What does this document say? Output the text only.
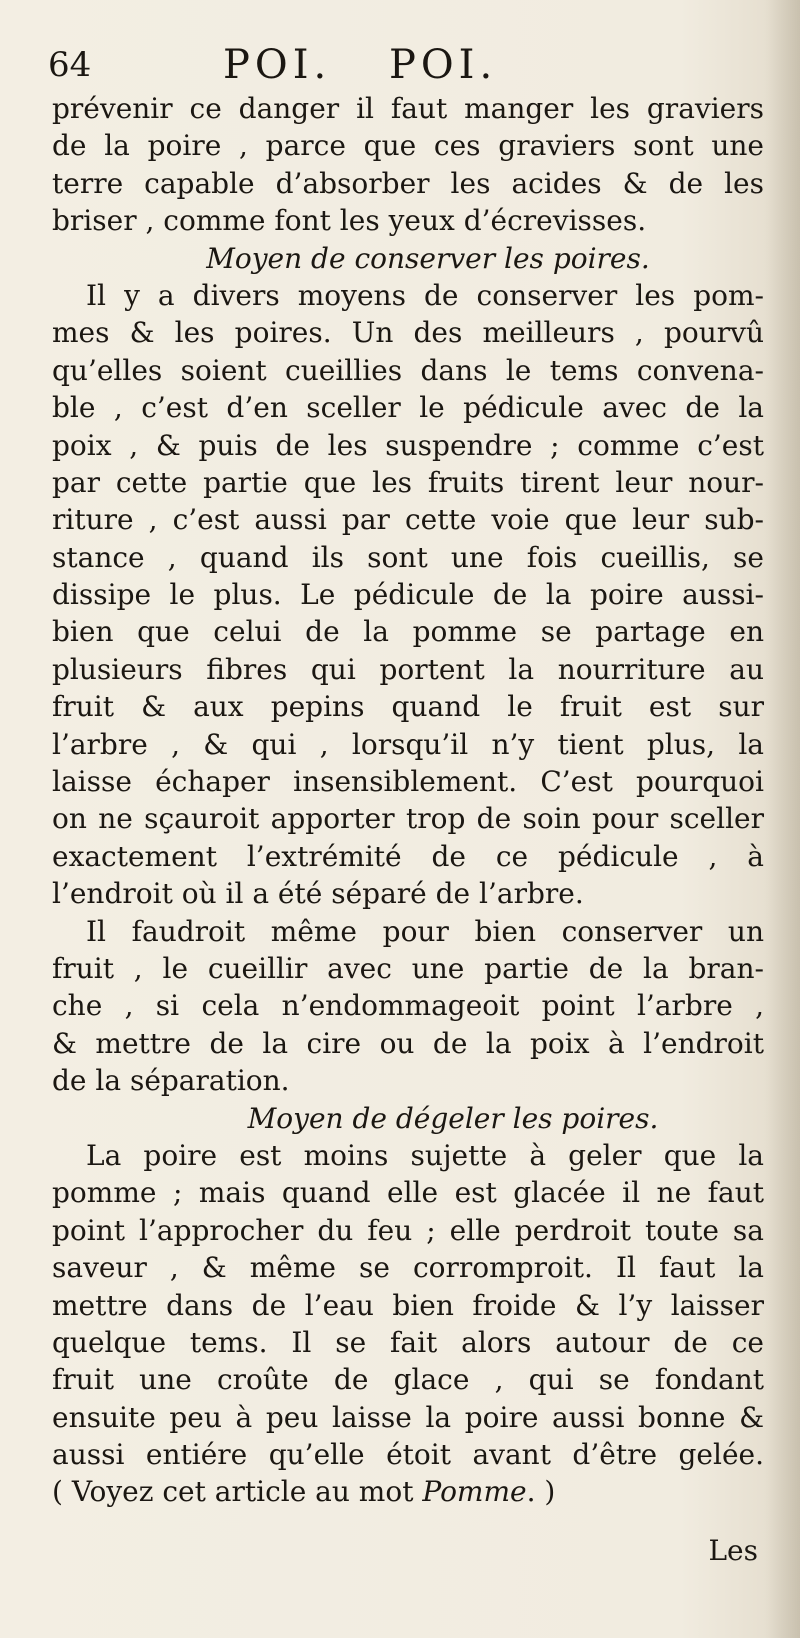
64	POI. POI.
prévenir ce danger il faut manger les graviers
de la poire , parce que ces graviers sont une
terre capable d’absorber les acides & de les
briser , comme font les yeux d’écrevisses.
Moyen de conserver les poires.
Il y a divers moyens de conserver les pom-
mes & les poires. Un des meilleurs , pourvû
qu’elles soient cueillies dans le tems convena-
ble , c’est d’en sceller le pédicule avec de la
poix , & puis de les suspendre ; comme c’est
par cette partie que les fruits tirent leur nour-
riture , c’est aussi par cette voie que leur sub-
stance , quand ils sont une fois cueillis, se
dissipe le plus. Le pédicule de la poire aussi-
bien que celui de la pomme se partage en
plusieurs fibres qui portent la nourriture au
fruit & aux pepins quand le fruit est sur
l’arbre , & qui , lorsqu’il n’y tient plus, la
laisse échaper insensiblement. C’est pourquoi
on ne sçauroit apporter trop de soin pour sceller
exactement l’extrémité de ce pédicule , à
l’endroit où il a été séparé de l’arbre.
Il faudroit même pour bien conserver un
fruit , le cueillir avec une partie de la bran-
che , si cela n’endommageoit point l’arbre ,
& mettre de la cire ou de la poix à l’endroit
de la séparation.
Moyen de dégeler les poires.
La poire est moins sujette à geler que la
pomme ; mais quand elle est glacée il ne faut
point l’approcher du feu ; elle perdroit toute sa
saveur , & même se corromproit. Il faut la
mettre dans de l’eau bien froide & l’y laisser
quelque tems. Il se fait alors autour de ce
fruit une croûte de glace , qui se fondant
ensuite peu à peu laisse la poire aussi bonne &
aussi entiére qu’elle étoit avant d’être gelée.
( Voyez cet article au mot Pomme. )
Les
